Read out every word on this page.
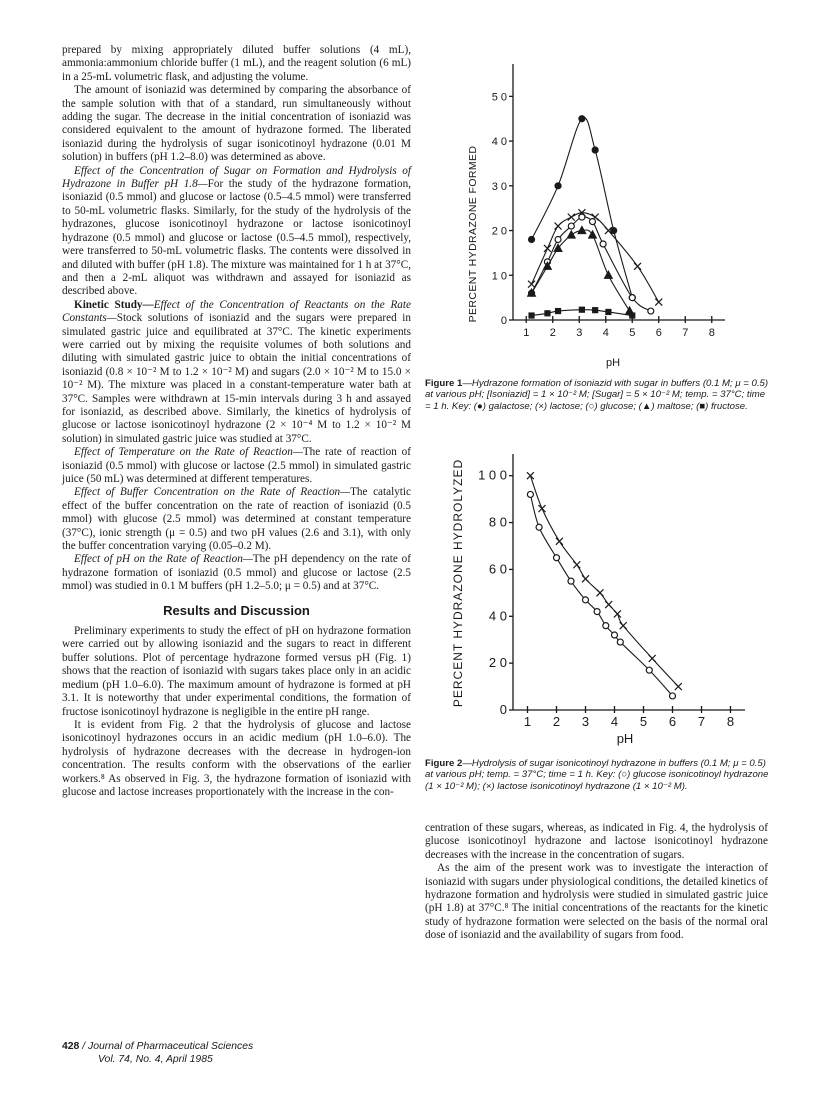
prepared by mixing appropriately diluted buffer solutions (4 mL), ammonia:ammonium chloride buffer (1 mL), and the reagent solution (6 mL) in a 25-mL volumetric flask, and adjusting the volume.

The amount of isoniazid was determined by comparing the absorbance of the sample solution with that of a standard, run simultaneously without adding the sugar. The decrease in the initial concentration of isoniazid was considered equivalent to the amount of hydrazone formed. The liberated isoniazid during the hydrolysis of sugar isonicotinoyl hydrazone (0.01 M solution) in buffers (pH 1.2–8.0) was determined as above.

Effect of the Concentration of Sugar on Formation and Hydrolysis of Hydrazone in Buffer pH 1.8—For the study of the hydrazone formation, isoniazid (0.5 mmol) and glucose or lactose (0.5–4.5 mmol) were transferred to 50-mL volumetric flasks. Similarly, for the study of the hydrolysis of the hydrazones, glucose isonicotinoyl hydrazone or lactose isonicotinoyl hydrazone (0.5 mmol) and glucose or lactose (0.5–4.5 mmol), respectively, were transferred to 50-mL volumetric flasks. The contents were dissolved in and diluted with buffer (pH 1.8). The mixture was maintained for 1 h at 37°C, and then a 2-mL aliquot was withdrawn and assayed for isoniazid as described above.

Kinetic Study—Effect of the Concentration of Reactants on the Rate Constants—Stock solutions of isoniazid and the sugars were prepared in simulated gastric juice and equilibrated at 37°C. The kinetic experiments were carried out by mixing the requisite volumes of both solutions and diluting with simulated gastric juice to obtain the initial concentrations of isoniazid (0.8 × 10⁻² M to 1.2 × 10⁻² M) and sugars (2.0 × 10⁻² M to 15.0 × 10⁻² M). The mixture was placed in a constant-temperature water bath at 37°C. Samples were withdrawn at 15-min intervals during 3 h and assayed for isoniazid, as described above. Similarly, the kinetics of hydrolysis of glucose or lactose isonicotinoyl hydrazone (2 × 10⁻⁴ M to 1.2 × 10⁻² M solution) in simulated gastric juice was studied at 37°C.

Effect of Temperature on the Rate of Reaction—The rate of reaction of isoniazid (0.5 mmol) with glucose or lactose (2.5 mmol) in simulated gastric juice (50 mL) was determined at different temperatures.

Effect of Buffer Concentration on the Rate of Reaction—The catalytic effect of the buffer concentration on the rate of reaction of isoniazid (0.5 mmol) with glucose (2.5 mmol) was determined at constant temperature (37°C), ionic strength (μ = 0.5) and two pH values (2.6 and 3.1), with only the buffer concentration varying (0.05–0.2 M).

Effect of pH on the Rate of Reaction—The pH dependency on the rate of hydrazone formation of isoniazid (0.5 mmol) and glucose or lactose (2.5 mmol) was studied in 0.1 M buffers (pH 1.2–5.0; μ = 0.5) and at 37°C.

Results and Discussion

Preliminary experiments to study the effect of pH on hydrazone formation were carried out by allowing isoniazid and the sugars to react in different buffer solutions. Plot of percentage hydrazone formed versus pH (Fig. 1) shows that the reaction of isoniazid with sugars takes place only in an acidic medium (pH 1.0–6.0). The maximum amount of hydrazone is formed at pH 3.1. It is noteworthy that under experimental conditions, the formation of fructose isonicotinoyl hydrazone is negligible in the entire pH range.

It is evident from Fig. 2 that the hydrolysis of glucose and lactose isonicotinoyl hydrazones occurs in an acidic medium (pH 1.0–6.0). The hydrolysis of hydrazone decreases with the decrease in hydrogen-ion concentration. The results conform with the observations of the earlier workers.⁸ As observed in Fig. 3, the hydrazone formation of isoniazid with glucose and lactose increases proportionately with the increase in the con-

PERCENT HYDRAZONE FORMED
pH
0
1 0
2 0
3 0
4 0
5 0
1 2 3 4 5 6 7 8
Figure 1—Hydrazone formation of isoniazid with sugar in buffers (0.1 M; μ = 0.5) at various pH; [Isoniazid] = 1 × 10⁻² M; [Sugar] = 5 × 10⁻² M; temp. = 37°C; time = 1 h. Key: (●) galactose; (×) lactose; (○) glucose; (▲) maltose; (■) fructose.
PERCENT HYDRAZONE HYDROLYZED
pH
0
2 0
4 0
6 0
8 0
1 0 0
1 2 3 4 5 6 7 8
Figure 2—Hydrolysis of sugar isonicotinoyl hydrazone in buffers (0.1 M; μ = 0.5) at various pH; temp. = 37°C; time = 1 h. Key: (○) glucose isonicotinoyl hydrazone (1 × 10⁻² M); (×) lactose isonicotinoyl hydrazone (1 × 10⁻² M).

centration of these sugars, whereas, as indicated in Fig. 4, the hydrolysis of glucose isonicotinoyl hydrazone and lactose isonicotinoyl hydrazone decreases with the increase in the concentration of sugars.

As the aim of the present work was to investigate the interaction of isoniazid with sugars under physiological conditions, the detailed kinetics of hydrazone formation and hydrolysis were studied in simulated gastric juice (pH 1.8) at 37°C.⁸ The initial concentrations of the reactants for the kinetic study of hydrazone formation were selected on the basis of the normal oral dose of isoniazid and the availability of sugars from food.

428 / Journal of Pharmaceutical Sciences
Vol. 74, No. 4, April 1985
